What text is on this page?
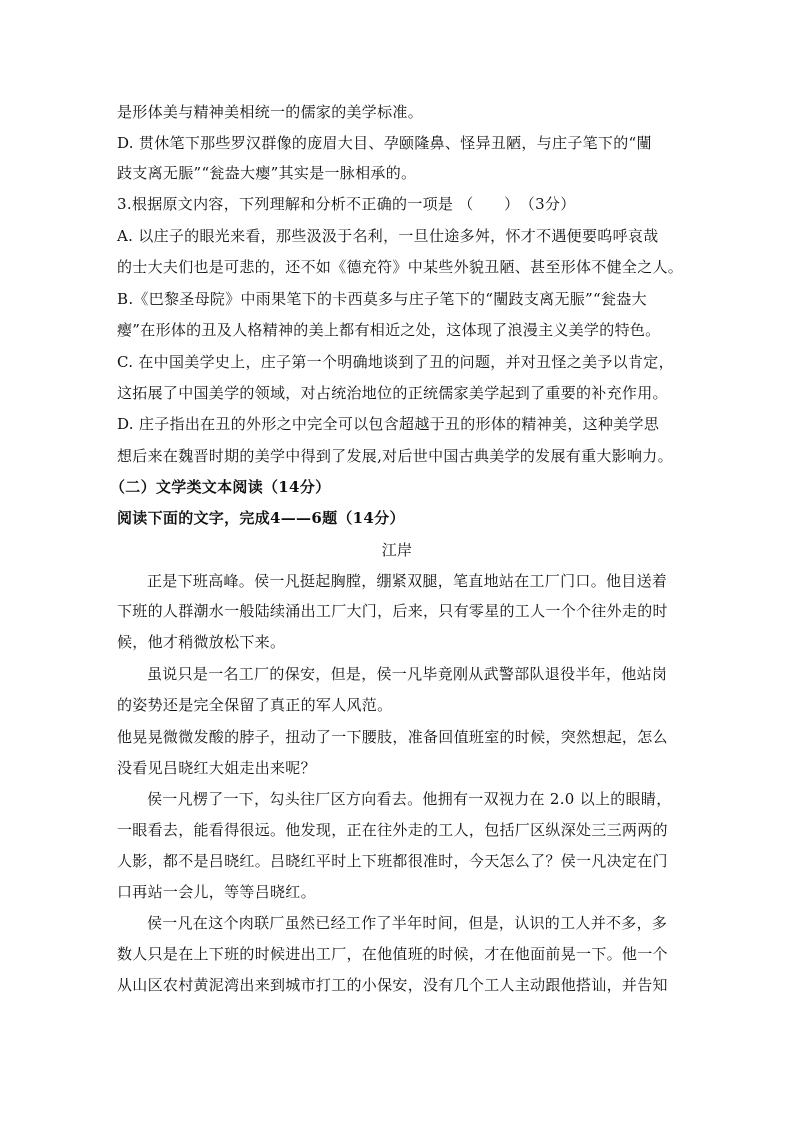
是形体美与精神美相统一的儒家的美学标准。
D. 贯休笔下那些罗汉群像的庞眉大目、孕颐隆鼻、怪异丑陋，与庄子笔下的“闉
跂支离无脤”“瓮盎大瘿”其实是一脉相承的。
3.根据原文内容，下列理解和分析不正确的一项是 （　　）　（3分）
A. 以庄子的眼光来看，那些汲汲于名利，一旦仕途多舛，怀才不遇便要呜呼哀哉
的士大夫们也是可悲的，还不如《德充符》中某些外貌丑陋、甚至形体不健全之人。
B.《巴黎圣母院》中雨果笔下的卡西莫多与庄子笔下的“闉跂支离无脤”“瓮盎大
瘿”在形体的丑及人格精神的美上都有相近之处，这体现了浪漫主义美学的特色。
C. 在中国美学史上，庄子第一个明确地谈到了丑的问题，并对丑怪之美予以肯定，
这拓展了中国美学的领域，对占统治地位的正统儒家美学起到了重要的补充作用。
D. 庄子指出在丑的外形之中完全可以包含超越于丑的形体的精神美，这种美学思
想后来在魏晋时期的美学中得到了发展,对后世中国古典美学的发展有重大影响力。
（二）文学类文本阅读（14分）
阅读下面的文字，完成4——6题（14分）
江岸
正是下班高峰。侯一凡挺起胸膛，绷紧双腿，笔直地站在工厂门口。他目送着
下班的人群潮水一般陆续涌出工厂大门，后来，只有零星的工人一个个往外走的时
候，他才稍微放松下来。
虽说只是一名工厂的保安，但是，侯一凡毕竟刚从武警部队退役半年，他站岗
的姿势还是完全保留了真正的军人风范。
他晃晃微微发酸的脖子，扭动了一下腰肢，准备回值班室的时候，突然想起，怎么
没看见吕晓红大姐走出来呢？
侯一凡楞了一下，勾头往厂区方向看去。他拥有一双视力在 2.0 以上的眼睛，
一眼看去，能看得很远。他发现，正在往外走的工人，包括厂区纵深处三三两两的
人影，都不是吕晓红。吕晓红平时上下班都很准时，今天怎么了？侯一凡决定在门
口再站一会儿，等等吕晓红。
侯一凡在这个肉联厂虽然已经工作了半年时间，但是，认识的工人并不多，多
数人只是在上下班的时候进出工厂，在他值班的时候，才在他面前晃一下。他一个
从山区农村黄泥湾出来到城市打工的小保安，没有几个工人主动跟他搭讪，并告知
